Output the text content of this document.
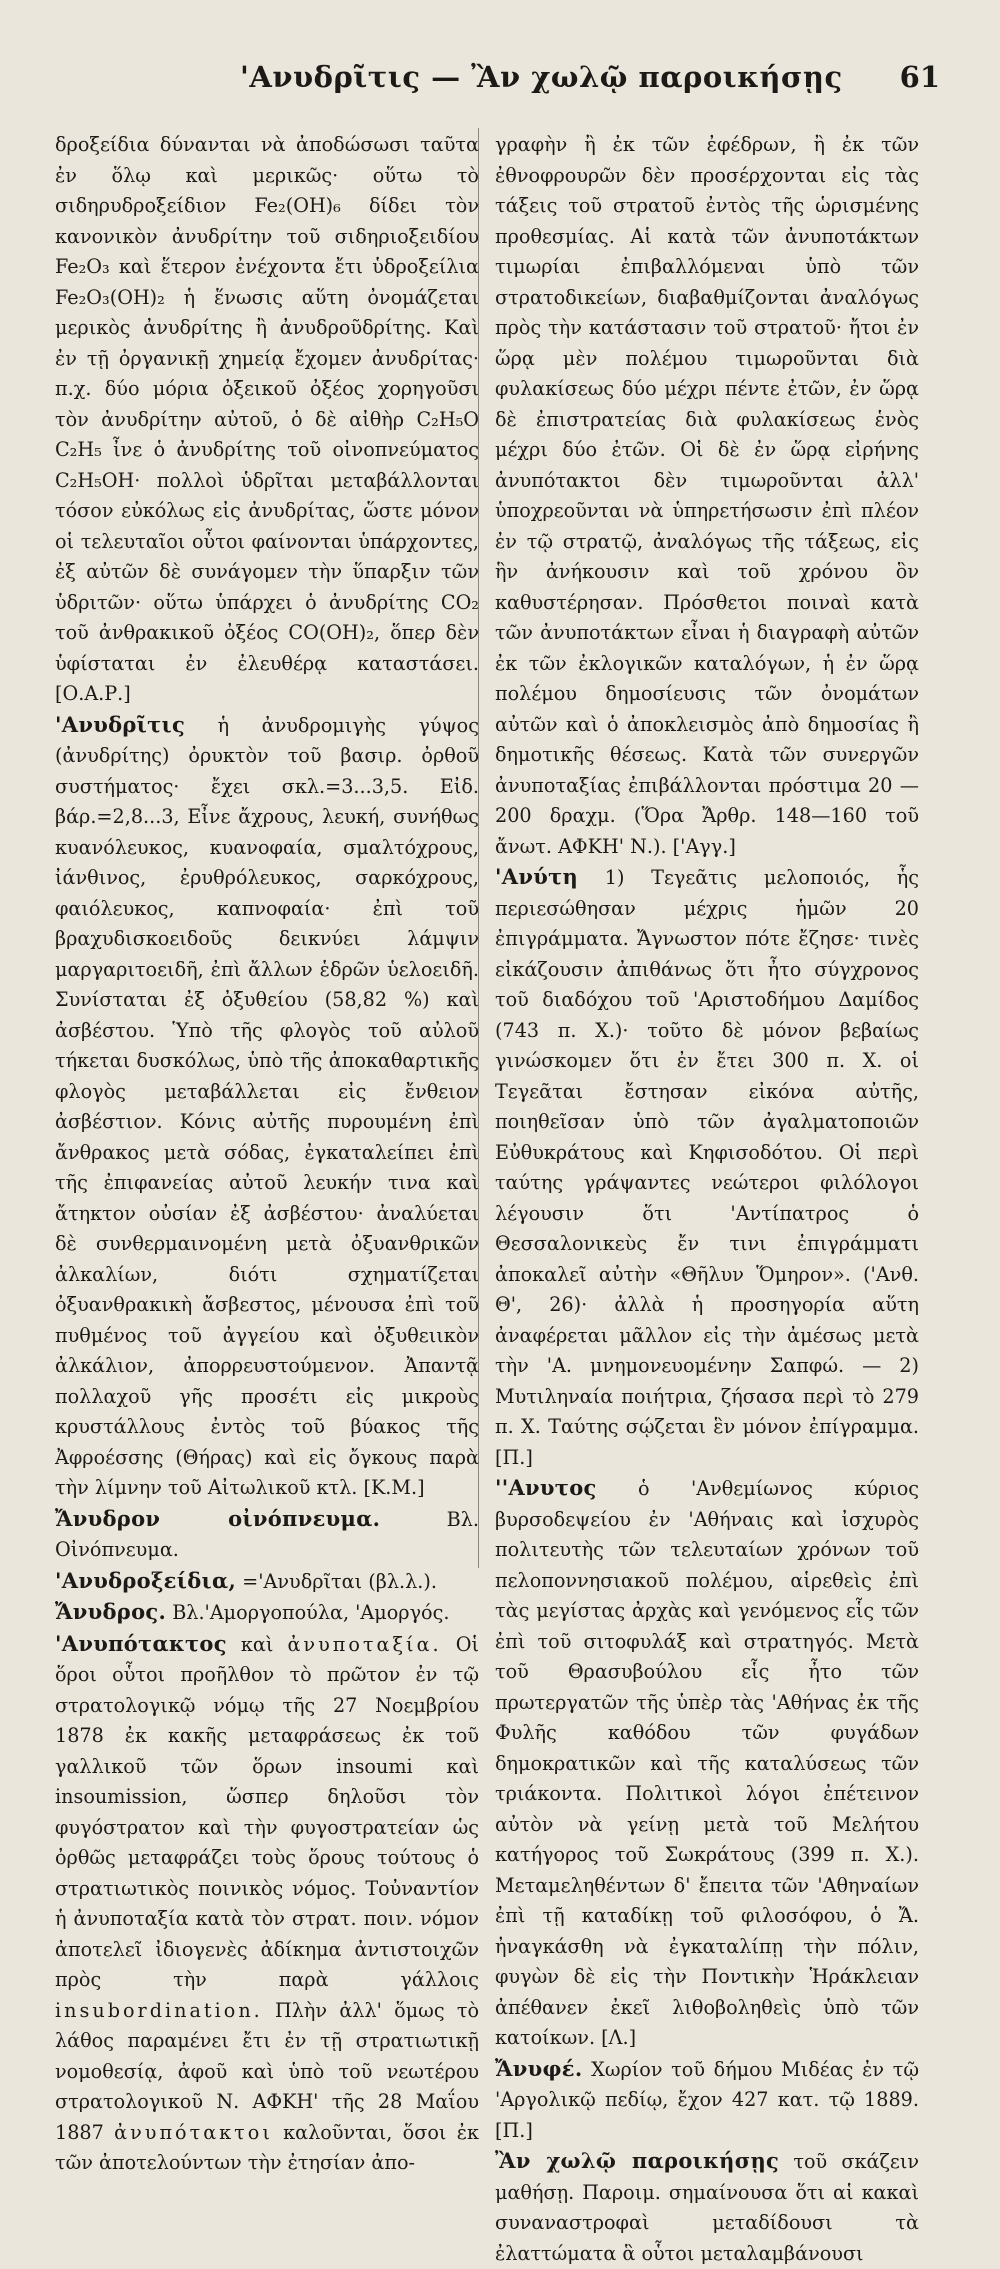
'Ανυδρῖτις — Ἂν χωλῷ παροικήσῃς 61

δροξείδια δύνανται νὰ ἀποδώσωσι ταῦτα ἐν ὅλῳ καὶ μερικῶς· οὕτω τὸ σιδηρυδροξείδιον Fe₂(OH)₆ δίδει τὸν κανονικὸν ἀνυδρίτην τοῦ σιδηριοξειδίου Fe₂O₃ καὶ ἕτερον ἐνέχοντα ἔτι ὑδροξείλια Fe₂O₃(OH)₂ ἡ ἕνωσις αὕτη ὀνομάζεται μερικὸς ἀνυδρίτης ἢ ἀνυδροῦδρίτης. Καὶ ἐν τῇ ὀργανικῇ χημείᾳ ἔχομεν ἀνυδρίτας· π.χ. δύο μόρια ὀξεικοῦ ὀξέος χορηγοῦσι τὸν ἀνυδρίτην αὐτοῦ, ὁ δὲ αἰθὴρ C₂H₅O C₂H₅ ἶνε ὁ ἀνυδρίτης τοῦ οἰνοπνεύματος C₂H₅OH· πολλοὶ ὑδρῖται μεταβάλλονται τόσον εὐκόλως εἰς ἀνυδρίτας, ὥστε μόνον οἱ τελευταῖοι οὗτοι φαίνονται ὑπάρχοντες, ἐξ αὐτῶν δὲ συνάγομεν τὴν ὕπαρξιν τῶν ὑδριτῶν· οὕτω ὑπάρχει ὁ ἀνυδρίτης CO₂ τοῦ ἀνθρακικοῦ ὀξέος CO(OH)₂, ὅπερ δὲν ὑφίσταται ἐν ἐλευθέρᾳ καταστάσει. [Ο.Α.Ρ.]

'Ανυδρῖτις ἡ ἀνυδρομιγὴς γύψος (ἀνυδρίτης) ὀρυκτὸν τοῦ βασιρ. ὀρθοῦ συστήματος· ἔχει σκλ.=3...3,5. Εἰδ. βάρ.=2,8...3, Εἶνε ἄχρους, λευκή, συνήθως κυανόλευκος, κυανοφαία, σμαλτόχρους, ἰάνθινος, ἐρυθρόλευκος, σαρκόχρους, φαιόλευκος, καπνοφαία· ἐπὶ τοῦ βραχυδισκοειδοῦς δεικνύει λάμψιν μαργαριτοειδῆ, ἐπὶ ἄλλων ἑδρῶν ὑελοειδῆ. Συνίσταται ἐξ ὀξυθείου (58,82 %) καὶ ἀσβέστου. Ὑπὸ τῆς φλογὸς τοῦ αὐλοῦ τήκεται δυσκόλως, ὑπὸ τῆς ἀποκαθαρτικῆς φλογὸς μεταβάλλεται εἰς ἔνθειον ἀσβέστιον. Κόνις αὐτῆς πυρουμένη ἐπὶ ἄνθρακος μετὰ σόδας, ἐγκαταλείπει ἐπὶ τῆς ἐπιφανείας αὐτοῦ λευκήν τινα καὶ ἄτηκτον οὐσίαν ἐξ ἀσβέστου· ἀναλύεται δὲ συνθερμαινομένη μετὰ ὀξυανθρικῶν ἀλκαλίων, διότι σχηματίζεται ὀξυανθρακικὴ ἄσβεστος, μένουσα ἐπὶ τοῦ πυθμένος τοῦ ἀγγείου καὶ ὀξυθειικὸν ἀλκάλιον, ἀπορρευστούμενον. Ἀπαντᾷ πολλαχοῦ γῆς προσέτι εἰς μικροὺς κρυστάλλους ἐντὸς τοῦ βύακος τῆς Ἀφροέσσης (Θήρας) καὶ εἰς ὄγκους παρὰ τὴν λίμνην τοῦ Αἰτωλικοῦ κτλ. [Κ.Μ.]

Ἄνυδρον οἰνόπνευμα. Βλ. Οἰνόπνευμα.

'Ανυδροξείδια, ='Ανυδρῖται (βλ.λ.).

Ἄνυδρος. Βλ.'Αμοργοπούλα, 'Αμοργός.

'Ανυπότακτος καὶ ἀνυποταξία. Οἱ ὅροι οὗτοι προῆλθον τὸ πρῶτον ἐν τῷ στρατολογικῷ νόμῳ τῆς 27 Νοεμβρίου 1878 ἐκ κακῆς μεταφράσεως ἐκ τοῦ γαλλικοῦ τῶν ὅρων insoumi καὶ insoumission, ὥσπερ δηλοῦσι τὸν φυγόστρατον καὶ τὴν φυγοστρατείαν ὡς ὀρθῶς μεταφράζει τοὺς ὅρους τούτους ὁ στρατιωτικὸς ποινικὸς νόμος. Τοὐναντίον ἡ ἀνυποταξία κατὰ τὸν στρατ. ποιν. νόμον ἀποτελεῖ ἰδιογενὲς ἀδίκημα ἀντιστοιχῶν πρὸς τὴν παρὰ γάλλοις insubordination. Πλὴν ἀλλ' ὅμως τὸ λάθος παραμένει ἔτι ἐν τῇ στρατιωτικῇ νομοθεσίᾳ, ἀφοῦ καὶ ὑπὸ τοῦ νεωτέρου στρατολογικοῦ Ν. ΑΦΚΗ' τῆς 28 Μαΐου 1887 ἀνυπότακτοι καλοῦνται, ὅσοι ἐκ τῶν ἀποτελούντων τὴν ἐτησίαν ἀπο-

γραφὴν ἢ ἐκ τῶν ἐφέδρων, ἢ ἐκ τῶν ἐθνοφρουρῶν δὲν προσέρχονται εἰς τὰς τάξεις τοῦ στρατοῦ ἐντὸς τῆς ὡρισμένης προθεσμίας. Αἱ κατὰ τῶν ἀνυποτάκτων τιμωρίαι ἐπιβαλλόμεναι ὑπὸ τῶν στρατοδικείων, διαβαθμίζονται ἀναλόγως πρὸς τὴν κατάστασιν τοῦ στρατοῦ· ἤτοι ἐν ὥρᾳ μὲν πολέμου τιμωροῦνται διὰ φυλακίσεως δύο μέχρι πέντε ἐτῶν, ἐν ὥρᾳ δὲ ἐπιστρατείας διὰ φυλακίσεως ἑνὸς μέχρι δύο ἐτῶν. Οἱ δὲ ἐν ὥρᾳ εἰρήνης ἀνυπότακτοι δὲν τιμωροῦνται ἀλλ' ὑποχρεοῦνται νὰ ὑπηρετήσωσιν ἐπὶ πλέον ἐν τῷ στρατῷ, ἀναλόγως τῆς τάξεως, εἰς ἣν ἀνήκουσιν καὶ τοῦ χρόνου ὃν καθυστέρησαν. Πρόσθετοι ποιναὶ κατὰ τῶν ἀνυποτάκτων εἶναι ἡ διαγραφὴ αὐτῶν ἐκ τῶν ἐκλογικῶν καταλόγων, ἡ ἐν ὥρᾳ πολέμου δημοσίευσις τῶν ὀνομάτων αὐτῶν καὶ ὁ ἀποκλεισμὸς ἀπὸ δημοσίας ἢ δημοτικῆς θέσεως. Κατὰ τῶν συνεργῶν ἀνυποταξίας ἐπιβάλλονται πρόστιμα 20 — 200 δραχμ. (Ὅρα Ἄρθρ. 148—160 τοῦ ἄνωτ. ΑΦΚΗ' Ν.). ['Αγγ.]

'Ανύτη 1) Τεγεᾶτις μελοποιός, ἧς περιεσώθησαν μέχρις ἡμῶν 20 ἐπιγράμματα. Ἄγνωστον πότε ἔζησε· τινὲς εἰκάζουσιν ἀπιθάνως ὅτι ἦτο σύγχρονος τοῦ διαδόχου τοῦ 'Αριστοδήμου Δαμίδος (743 π. Χ.)· τοῦτο δὲ μόνον βεβαίως γινώσκομεν ὅτι ἐν ἔτει 300 π. Χ. οἱ Τεγεᾶται ἔστησαν εἰκόνα αὐτῆς, ποιηθεῖσαν ὑπὸ τῶν ἀγαλματοποιῶν Εὐθυκράτους καὶ Κηφισοδότου. Οἱ περὶ ταύτης γράψαντες νεώτεροι φιλόλογοι λέγουσιν ὅτι 'Αντίπατρος ὁ Θεσσαλονικεὺς ἔν τινι ἐπιγράμματι ἀποκαλεῖ αὐτὴν «Θῆλυν Ὅμηρον». ('Ανθ. Θ', 26)· ἀλλὰ ἡ προσηγορία αὕτη ἀναφέρεται μᾶλλον εἰς τὴν ἀμέσως μετὰ τὴν 'Α. μνημονευομένην Σαπφώ. — 2) Μυτιληναία ποιήτρια, ζήσασα περὶ τὸ 279 π. Χ. Ταύτης σῴζεται ἓν μόνον ἐπίγραμμα. [Π.]

''Ανυτος ὁ 'Ανθεμίωνος κύριος βυρσοδεψείου ἐν 'Αθήναις καὶ ἰσχυρὸς πολιτευτὴς τῶν τελευταίων χρόνων τοῦ πελοποννησιακοῦ πολέμου, αἱρεθεὶς ἐπὶ τὰς μεγίστας ἀρχὰς καὶ γενόμενος εἷς τῶν ἐπὶ τοῦ σιτοφυλάξ καὶ στρατηγός. Μετὰ τοῦ Θρασυβούλου εἷς ἦτο τῶν πρωτεργατῶν τῆς ὑπὲρ τὰς 'Αθήνας ἐκ τῆς Φυλῆς καθόδου τῶν φυγάδων δημοκρατικῶν καὶ τῆς καταλύσεως τῶν τριάκοντα. Πολιτικοὶ λόγοι ἐπέτεινον αὐτὸν νὰ γείνῃ μετὰ τοῦ Μελήτου κατήγορος τοῦ Σωκράτους (399 π. Χ.). Μεταμεληθέντων δ' ἔπειτα τῶν 'Αθηναίων ἐπὶ τῇ καταδίκῃ τοῦ φιλοσόφου, ὁ Ἄ. ἠναγκάσθη νὰ ἐγκαταλίπῃ τὴν πόλιν, φυγὼν δὲ εἰς τὴν Ποντικὴν Ἡράκλειαν ἀπέθανεν ἐκεῖ λιθοβοληθεὶς ὑπὸ τῶν κατοίκων. [Λ.]

Ἄνυφέ. Χωρίον τοῦ δήμου Μιδέας ἐν τῷ 'Αργολικῷ πεδίῳ, ἔχον 427 κατ. τῷ 1889.[Π.]

Ἂν χωλῷ παροικήσῃς τοῦ σκάζειν μαθήσῃ. Παροιμ. σημαίνουσα ὅτι αἱ κακαὶ συναναστροφαὶ μεταδίδουσι τὰ ἐλαττώματα ἃ οὗτοι μεταλαμβάνουσι
